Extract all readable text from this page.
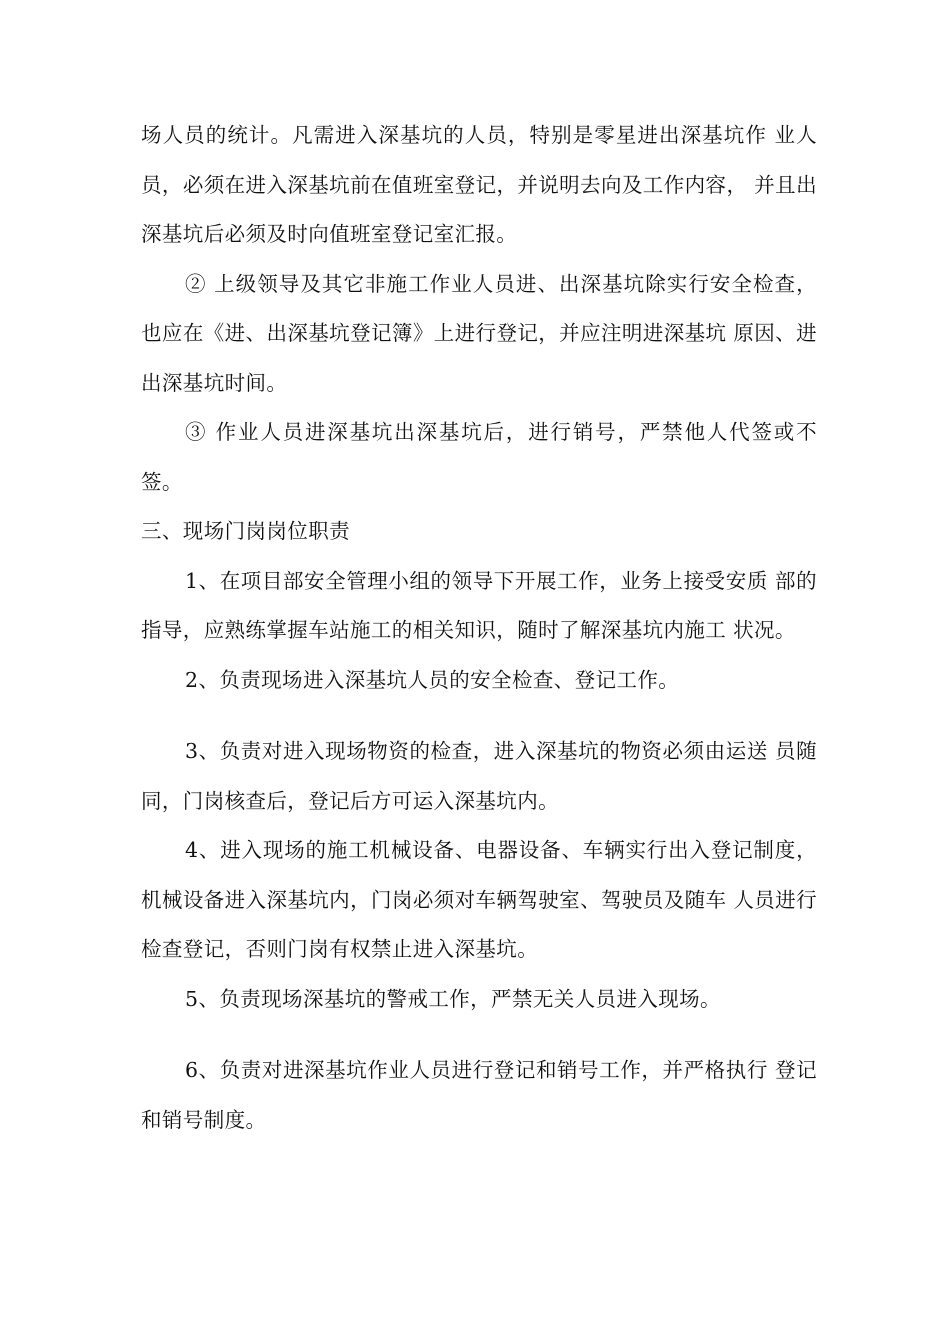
场人员的统计。凡需进入深基坑的人员，特别是零星进出深基坑作 业人员，必须在进入深基坑前在值班室登记，并说明去向及工作内容， 并且出深基坑后必须及时向值班室登记室汇报。

② 上级领导及其它非施工作业人员进、出深基坑除实行安全检查，也应在《进、出深基坑登记簿》上进行登记，并应注明进深基坑 原因、进出深基坑时间。

③ 作业人员进深基坑出深基坑后，进行销号，严禁他人代签或不签。

三、现场门岗岗位职责

1、在项目部安全管理小组的领导下开展工作，业务上接受安质 部的指导，应熟练掌握车站施工的相关知识，随时了解深基坑内施工 状况。

2、负责现场进入深基坑人员的安全检查、登记工作。

3、负责对进入现场物资的检查，进入深基坑的物资必须由运送 员随同，门岗核查后，登记后方可运入深基坑内。

4、进入现场的施工机械设备、电器设备、车辆实行出入登记制度，机械设备进入深基坑内，门岗必须对车辆驾驶室、驾驶员及随车 人员进行检查登记，否则门岗有权禁止进入深基坑。

5、负责现场深基坑的警戒工作，严禁无关人员进入现场。

6、负责对进深基坑作业人员进行登记和销号工作，并严格执行 登记和销号制度。
